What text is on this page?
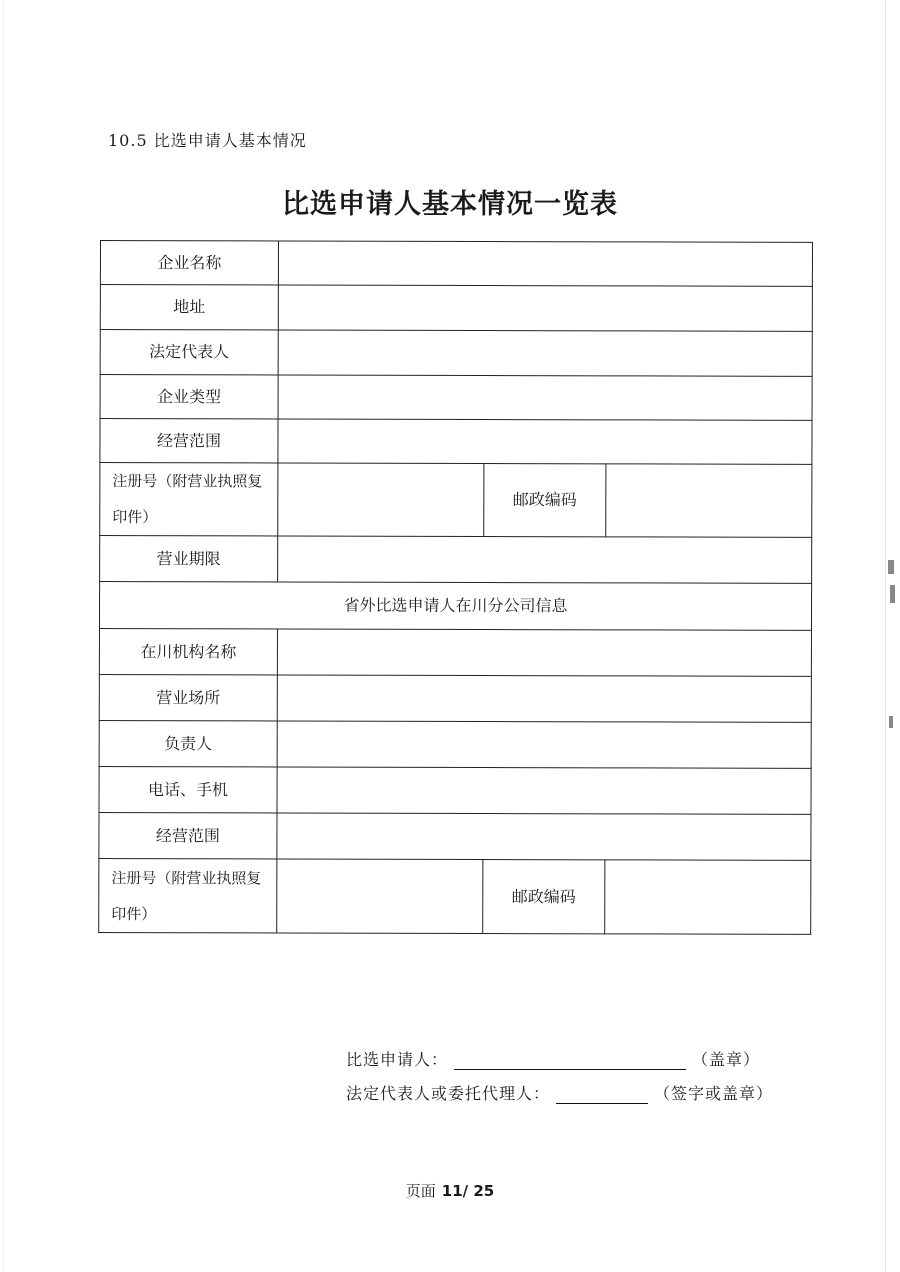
10.5 比选申请人基本情况
比选申请人基本情况一览表
企业名称			
地址			
法定代表人			
企业类型			
经营范围			
注册号（附营业执照复印件）		邮政编码	
营业期限			
省外比选申请人在川分公司信息			
在川机构名称			
营业场所			
负责人			
电话、手机			
经营范围			
注册号（附营业执照复印件）		邮政编码	
比选申请人：	（盖章）
法定代表人或委托代理人：	（签字或盖章）
页面 11/ 25
